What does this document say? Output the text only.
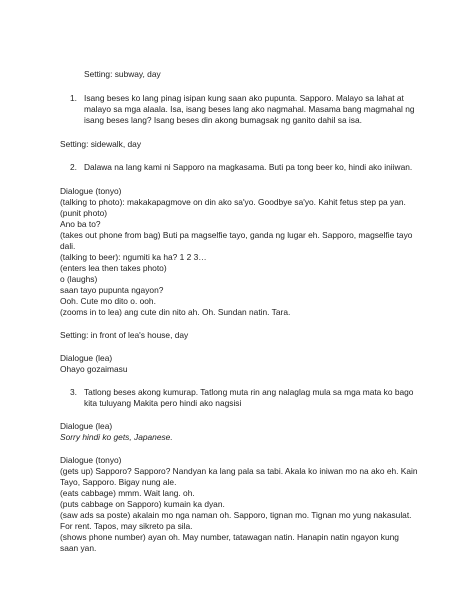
Setting: subway, day
1. Isang beses ko lang pinag isipan kung saan ako pupunta. Sapporo. Malayo sa lahat at
malayo sa mga alaala. Isa, isang beses lang ako nagmahal. Masama bang magmahal ng
isang beses lang? Isang beses din akong bumagsak ng ganito dahil sa isa.
Setting: sidewalk, day
2. Dalawa na lang kami ni Sapporo na magkasama. Buti pa tong beer ko, hindi ako iniiwan.
Dialogue (tonyo)
(talking to photo): makakapagmove on din ako sa'yo. Goodbye sa'yo. Kahit fetus step pa yan.
(punit photo)
Ano ba to?
(takes out phone from bag) Buti pa magselfie tayo, ganda ng lugar eh. Sapporo, magselfie tayo
dali.
(talking to beer): ngumiti ka ha? 1 2 3…
(enters lea then takes photo)
o (laughs)
saan tayo pupunta ngayon?
Ooh. Cute mo dito o. ooh.
(zooms in to lea) ang cute din nito ah. Oh. Sundan natin. Tara.
Setting: in front of lea's house, day
Dialogue (lea)
Ohayo gozaimasu
3. Tatlong beses akong kumurap. Tatlong muta rin ang nalaglag mula sa mga mata ko bago
kita tuluyang Makita pero hindi ako nagsisi
Dialogue (lea)
Sorry hindi ko gets, Japanese.
Dialogue (tonyo)
(gets up) Sapporo? Sapporo? Nandyan ka lang pala sa tabi. Akala ko iniwan mo na ako eh. Kain
Tayo, Sapporo. Bigay nung ale.
(eats cabbage) mmm. Wait lang. oh.
(puts cabbage on Sapporo) kumain ka dyan.
(saw ads sa poste) akalain mo nga naman oh. Sapporo, tignan mo. Tignan mo yung nakasulat.
For rent. Tapos, may sikreto pa sila.
(shows phone number) ayan oh. May number, tatawagan natin. Hanapin natin ngayon kung
saan yan.
